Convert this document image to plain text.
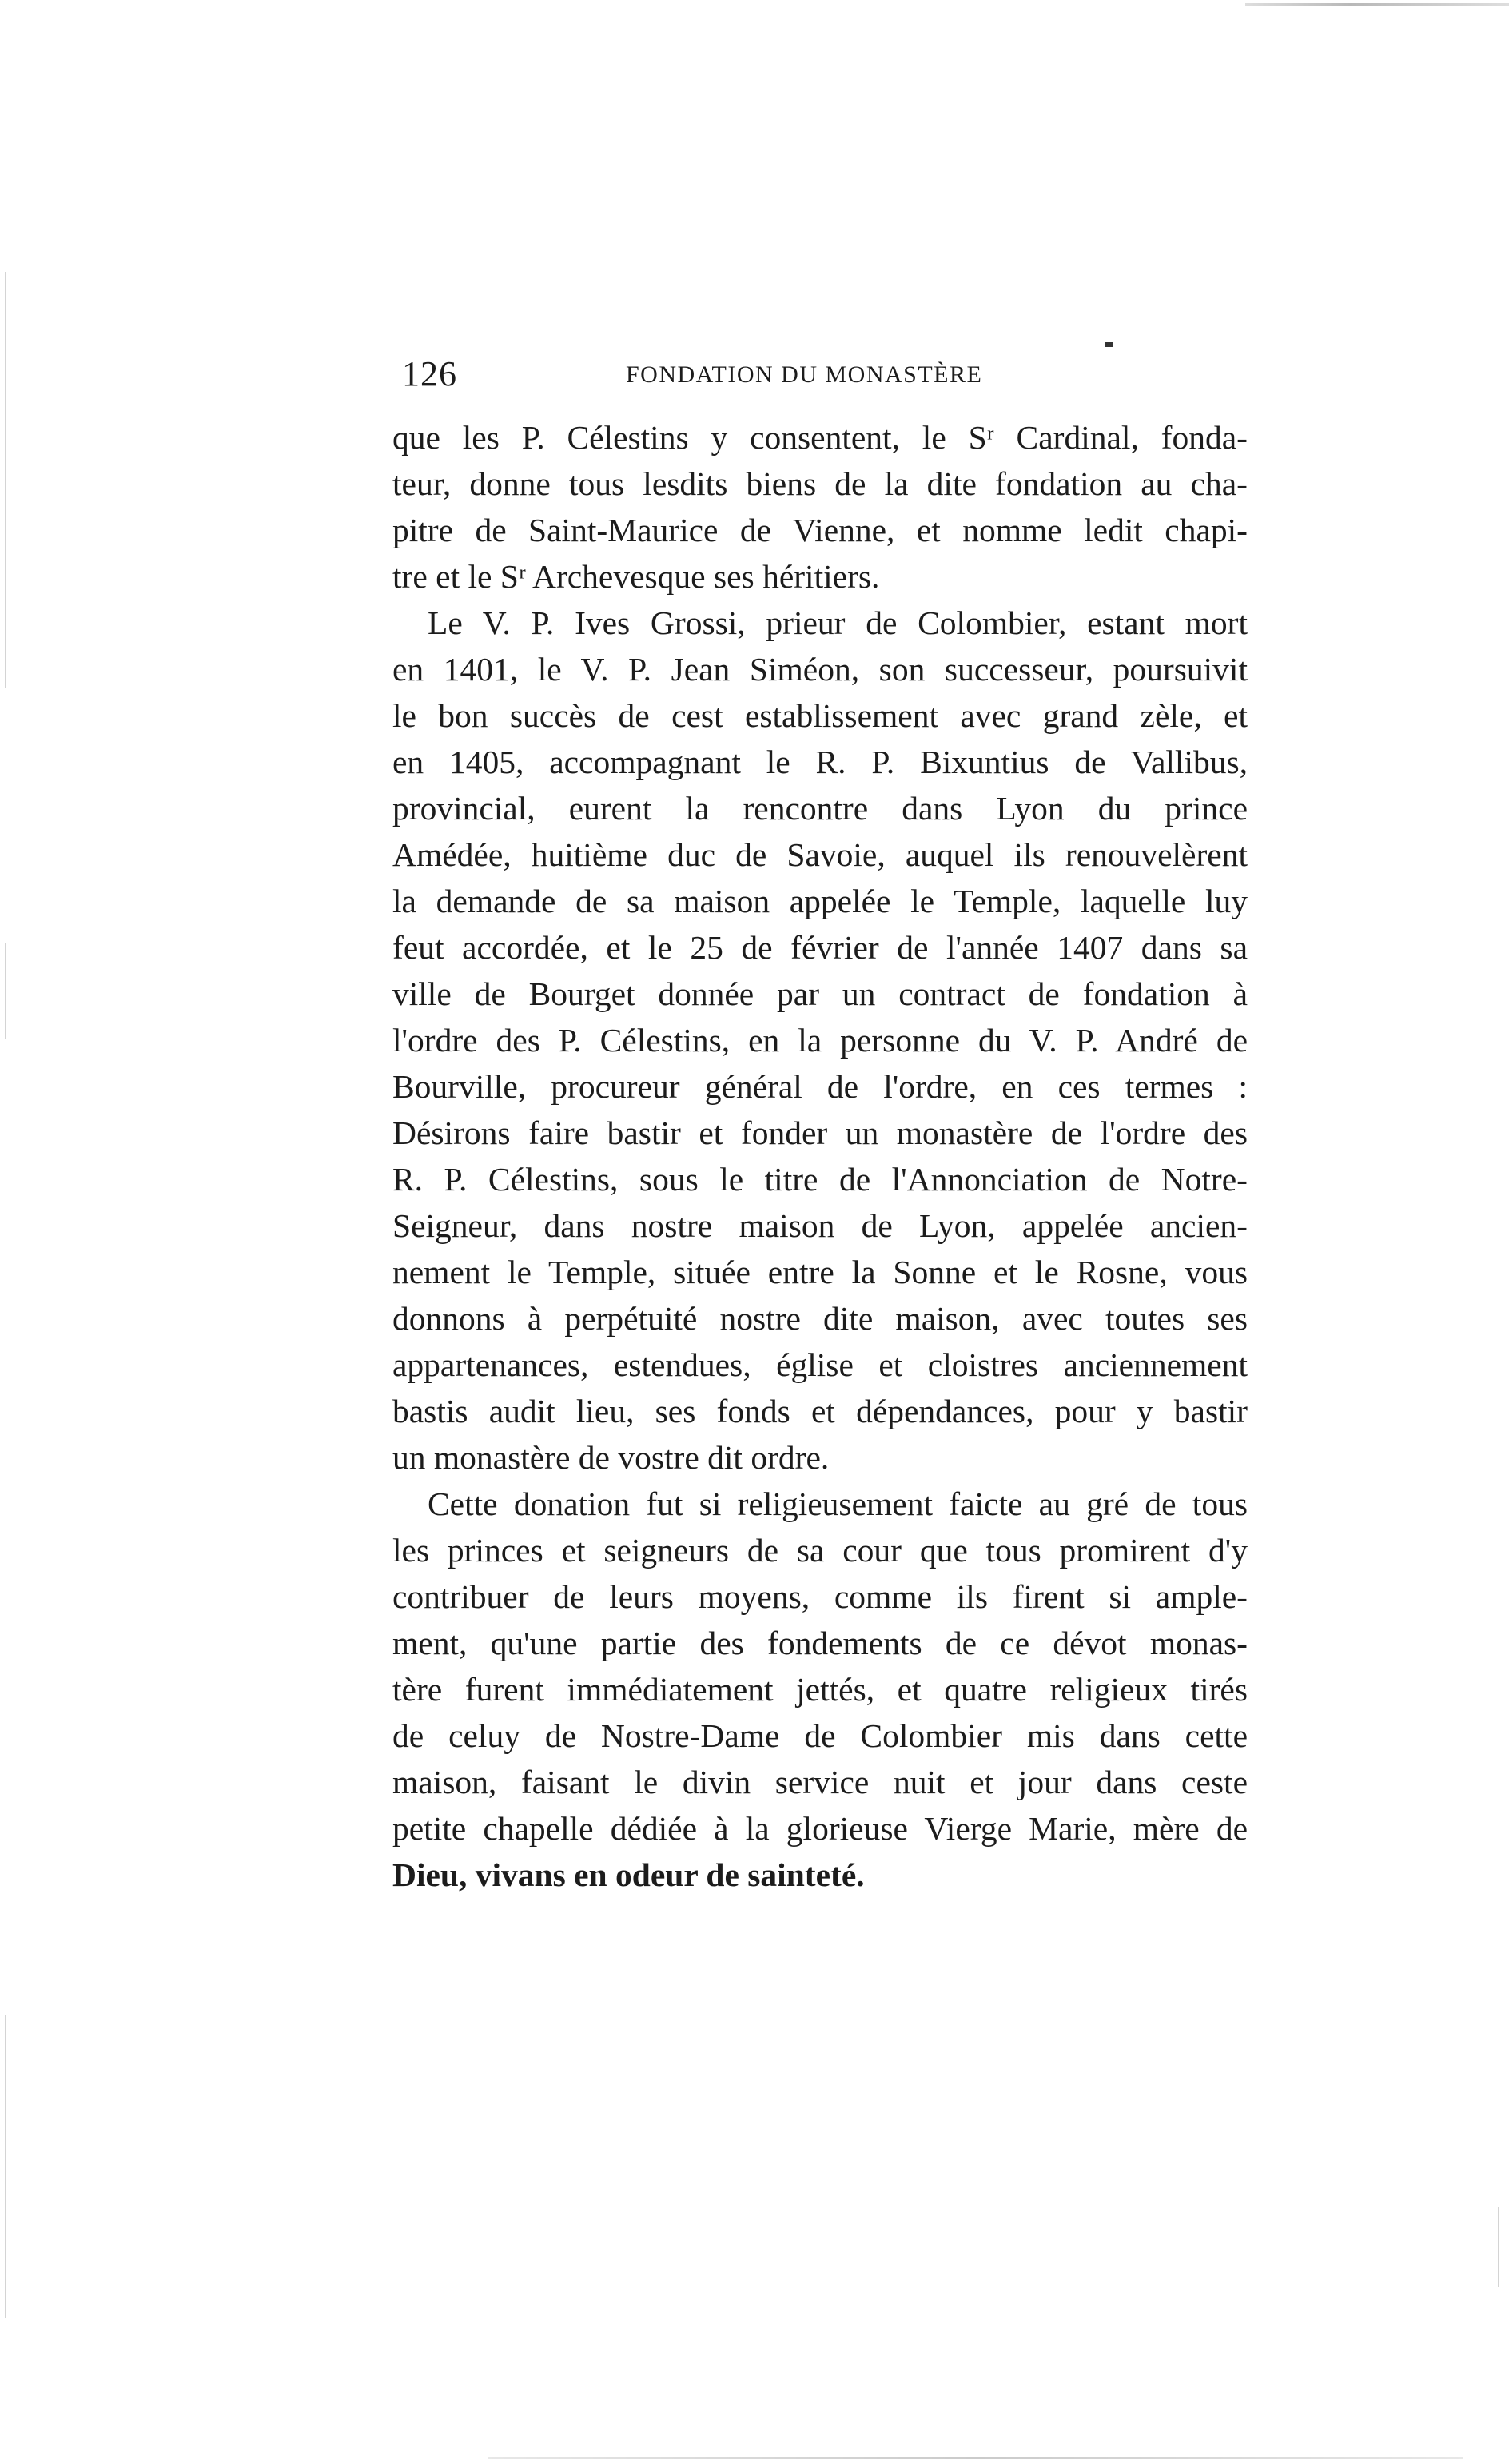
126	FONDATION DU MONASTÈRE
que les P. Célestins y consentent, le Sʳ Cardinal, fonda-
teur, donne tous lesdits biens de la dite fondation au cha-
pitre de Saint-Maurice de Vienne, et nomme ledit chapi-
tre et le Sʳ Archevesque ses héritiers.
Le V. P. Ives Grossi, prieur de Colombier, estant mort
en 1401, le V. P. Jean Siméon, son successeur, poursuivit
le bon succès de cest establissement avec grand zèle, et
en 1405, accompagnant le R. P. Bixuntius de Vallibus,
provincial, eurent la rencontre dans Lyon du prince
Amédée, huitième duc de Savoie, auquel ils renouvelèrent
la demande de sa maison appelée le Temple, laquelle luy
feut accordée, et le 25 de février de l'année 1407 dans sa
ville de Bourget donnée par un contract de fondation à
l'ordre des P. Célestins, en la personne du V. P. André de
Bourville, procureur général de l'ordre, en ces termes :
Désirons faire bastir et fonder un monastère de l'ordre des
R. P. Célestins, sous le titre de l'Annonciation de Notre-
Seigneur, dans nostre maison de Lyon, appelée ancien-
nement le Temple, située entre la Sonne et le Rosne, vous
donnons à perpétuité nostre dite maison, avec toutes ses
appartenances, estendues, église et cloistres anciennement
bastis audit lieu, ses fonds et dépendances, pour y bastir
un monastère de vostre dit ordre.
Cette donation fut si religieusement faicte au gré de tous
les princes et seigneurs de sa cour que tous promirent d'y
contribuer de leurs moyens, comme ils firent si ample-
ment, qu'une partie des fondements de ce dévot monas-
tère furent immédiatement jettés, et quatre religieux tirés
de celuy de Nostre-Dame de Colombier mis dans cette
maison, faisant le divin service nuit et jour dans ceste
petite chapelle dédiée à la glorieuse Vierge Marie, mère de
Dieu, vivans en odeur de sainteté.
